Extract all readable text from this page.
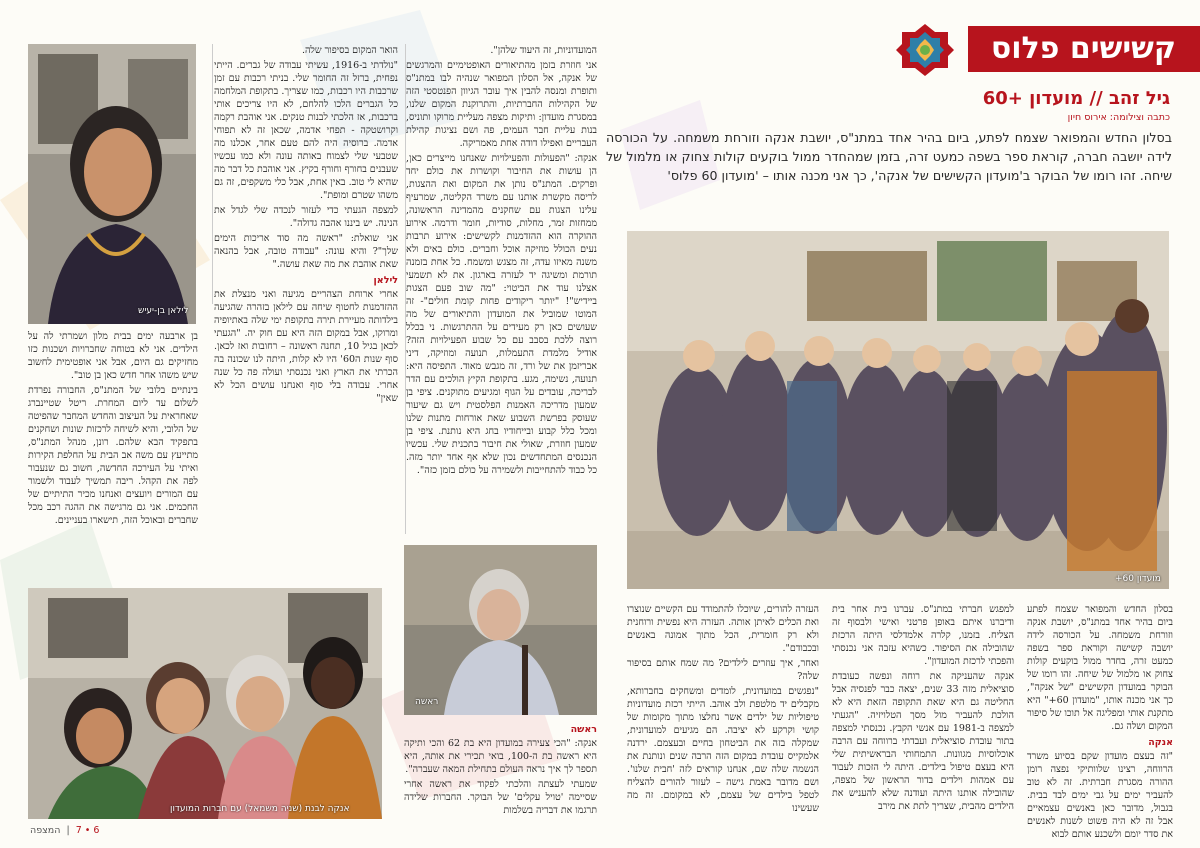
קשישים פלוס
גיל זהב // מועדון +60
כתבה וצילומה: אירוס חיון
בסלון החדש והמפואר שצמח לפתע, ביום בהיר אחד במתנ"ס, יושבת אנקה וזורחת משמחה. על הכורסה לידה יושבה חברה, קוראת ספר בשפה כמעט זרה, בזמן שמהחדר ממול בוקעים קולות צחוק או מלמול של שיחה. זהו רומו של הבוקר ב'מועדון הקשישים של אנקה', כך אני מכנה אותו – 'מועדון 60 פלוס'
מועדון 60+
לילאן בן-יעיש
ראשה
אנקה לבנת (שניה משמאל) עם חברות המועדון

בסלון החדש והמפואר שצמח לפתע ביום בהיר אחד במתנ"ס, יושבת אנקה וזורחת משמחה. על הכורסה לידה יושבה קשישה וקוראת ספר בשפה כמעט זרה, בחדר ממול בוקעים קולות צחוק או מלמול של שיחה. זהו רומו של הבוקר במועדון הקשישים "של אנקה", כך אני מכנה אותו, "מועדון 60+" היא מתקנת אותי ומפליגה אל תוכו של סיפור המקום ושלה גם.

אנקה

"זה בעצם מועדון שקם בסיוע משרד הרווחה, רצינו שלוותיקי נפצה רומן ההורה מסגרת חברתית. זה לא טוב להעביר ימים על גבי ימים לבד בבית. בגבול, מדובר כאן באנשים עצמאיים אבל זה לא היה פשוט לשנות לאנשים את סדר יומם ולשכנע אותם לבוא

למפגש חברתי במתנ"ס. עברנו בית אחר בית ודיברנו איתם באופן פרטני ואישי ולבסוף זה הצליח. בזמנו, קלרה אלמדלסי היתה הרכזת שהובילה את הסיפור. כשהיא עזבה אני נכנסתי והפכתי לרכזת המועדון".

אנקה שהעניקה את רוחה ונפשה כעובדת סוציאלית מזה 33 שנים, יצאה כבר לפנסיה אבל החליטה גם היא שאת התקופה הזאת היא לא הולכת להעביר מול מסך הטלויזיה. "הגעתי למצפה ב-1981 עם אנשי הקבץ. נכנסתי למצפה בתור עובדת סוציאלית ועבדתי ברווחה עם הרבה אוכלוסיות מגוונות. התמחותי הבראשיתית שלי היא בעצם טיפול בילדים. היתה לי הזכות לעבוד עם אמהות וילדים בדור הראשון של מצפה, שהובילה אותנו היתה ועודנה שלא להעניש את הילדים מהבית, שצריך לתת את מירב

העזרה להורים, שיוכלו להתמודד עם הקשיים שנוצרו ואת הכלים לאיתן אותה. העזרה היא נפשית ורוחנית ולא רק חומרית, הכל מתוך אמונה באנשים ובכבודם".

ואחר, איך עוזרים לילדים? מה שמח אותם בסיפור שלה?

"נפגשים במועדונית, לומדים ומשחקים בחברותא, מקבלים יד מלטפת ולב אוהב. הייתי רכזת מועדוניות טיפוליות של ילדים אשר נחלצו מתוך מקומות של קושי וקרקע לא יציבה. הם מגיעים למועדונית, שמקלה בזה את הביטחון בחיים ובעצמם. ירדנה אלמקייס עובדת במקום הזה הרבה שנים ונותנת את הנשמה שלה שם, אנחנו קוראים לזה 'חבית שלנו'. ושם מדובר באמת גישה – לעזור להורים להצליח לטפל בילדים של עצמם, לא במקומם. זה מה שעשינו

ראשה

אנקה: "הכי צעירה במועדון היא בת 62 והכי ותיקה היא ראשה בת ה-100, בואי תכירי את אותה, היא תספר לך איך נראה העולם בתחילת המאה שעברה".

שמעתי לעצתה והלכתי לפקוד את ראשה אחרי שסיימה 'טויל עקלים' של הבוקר. החברות שלידה תרגמו את דבריה בשלמות

המועדוניות, זה היעוד שלהן".

אני חוזרת בזמן מהתיאורים האופטימיים והמרגשים של אנקה, אל הסלון המפואר שנהיה לבו במתנ"ס ותופרת ומנסה להבין איך עובר הגיוון הפנטסטי הזה של הקהילות החברתיות, והתרוקנת המקום שלנו, במסגרת מועדון: ותיקות מצפה מעליית מרוקו ותוניס, בנות עליית חבר העמים, פה ושם נציגות קהילת העבריים ואפילו דודה אחת מאמריקה.

אנקה: "הפעולות והפעילויות שאנחנו מייצרים כאן, הן עושות את החיבור וקושרות את כולם יחד ופרקים. המתנ"ס נותן את המקום ואת ההצגות, לריסה מקשרת אותנו עם משרד הקליטה, שמרעיף עלינו הצגות עם שחקנים מהמדינה הראשונה, ממחזות זמר, מחלות, סודיות, חומר ודרמה. אירוע ההוקרה הוא ההזדמנות לקשישים: אירוע תרבות נעים הכולל מוזיקה אוכל וחברים. כולם באים ולא משנה מאיזו עדה, זה מצגש ומשמח. כל אחת בזמנה תורמת ומשיגה יד לעזרה בארגון. את לא תשמעי אצלנו עוד את הביטוי: "מה שוב פעם הצגות ביידיש"! "יותר ריקודים פחות קומת חולים"- זה המוטו שמוביל את המועדון והתיאורים של מה שעושים כאן רק מעידים על ההתרגשות. ני בכלל רוצה ללכת בסבב עם כל שבוע הפעילויות הזה? אודיל מלמדת התעמלות, תנועה ומוזיקה, דיני אבריזמן את של ורד, זה מגבש מאוד. התפיסה היא: תנועה, נשימה, מגע. בתקופת הקיץ הולכים עם הדר לבריכה, עובדים על הגוף ומגיעים מתוקנים. ציפי בן שמעון מדריכה האמנות הפלסטית ויש גם שיעור שעוסק בפרשת השבוע שאת אורחות מתנות שלנו ומכל כלל קבוע ובייחודיו בחג היא נותנת. ציפי בן שמעון חוזרת, שאולי את חיבור בתכנית שלי. עכשיו הנכנסים המתחדשים נכון שלא אף אחד יותר מזה. כל כבוד להתחייבות ולשמירה על כולם בזמן כזה".

הואר המקום בסיפור שלה.

"נולדתי ב-1916, עשיתי עבודה של גברים. הייתי נפחית, ברזל זה החומר שלי. בניתי רכבות עם זמן שרכבות היו רכבות, כמו שצריך. בתקופת המלחמה כל הגברים הלכו להלחם, לא היו צריכים אותי ברכבות, אז הלכתי לבנות טנקים. אני אוהבת רקמה וקרושטקה - תפחי אדמה, שכאן זה לא תפוחי אדמה. ברוסיה היה להם טעם אחר, אכלנו מה שטבעי שלי לצמוח באותה עונה ולא כמו עכשיו שעבנים בחורף וחורף בקיץ. אני אוהבת כל דבר מה שהיא לי טוב. באין אחת, אבל כלי משקפים, זה גם משהו שטרם ומופת".

למצפה הגעתי כדי לעזור לנכדה שלי לגדל את הנינה. יש ביננו אהבה גדולה".

אני שואלת: "ראשה מה סוד אריכות הימים שלך"? והיא עונה: "עבודה טובה, אבל בהנאה שאת אוהבת את מה שאת עושה."

לילאן

אחרי ארוחת הצהריים מגיעה ואני מנצלת את ההזדמנות לחטוף שיחה עם לילאן בזהרה שהגיעה בילדותה מעיירת תירה בתקופת ימי שלה באתיופיה ומרוקו, אבל במקום הזה היא עם חוק יה. "הגעתי לכאן בגיל 10, תחנה ראשונה – רחובות ואז לכאן. סוף שנות ה60' היו לא קלות, היתה לנו שכונה בה הכרתי את הארץ ואני נכנסתי ועולה פה כל שנה אחרי. עבודה בלי סוף ואנחנו עושים הכל לא שאין"

בן ארבעה ימים בבית מלון ושמרתי לה על הילדים. אני לא בטוחה שחברויות ושכנות כזו מחזיקים גם היום, אבל אני אופטימית לחשוב שיש משהו אחר חדש כאן בן טוב".

בינתיים בלובי של המתנ"ס, החבורה נפרדת לשלום עד ליום המחרת. ריטל שטיינברג שאחראית על העיצוב והחדש המחבר שהפיטה של הלובי, והיא לשיחה לרכזות שונות ושחקנים בתפקיד הבא שלהם. רונן, מנהל המתנ"ס, מתייעץ עם משה אב הבית על החלפת הקירות ואיתי על העירכה החדשה, חשוב גם שנעבור לפה את הקהל. ריבה תמשיך לעבוד ולשמור עם המורים ויועצים ואנחנו מכיר התיתיים של החכמים. אני גם מרגישה את ההגה רכב מכל שחברים ובאוכל הזה, תישארו בעניינים.

6 • 7  |  המצפה
